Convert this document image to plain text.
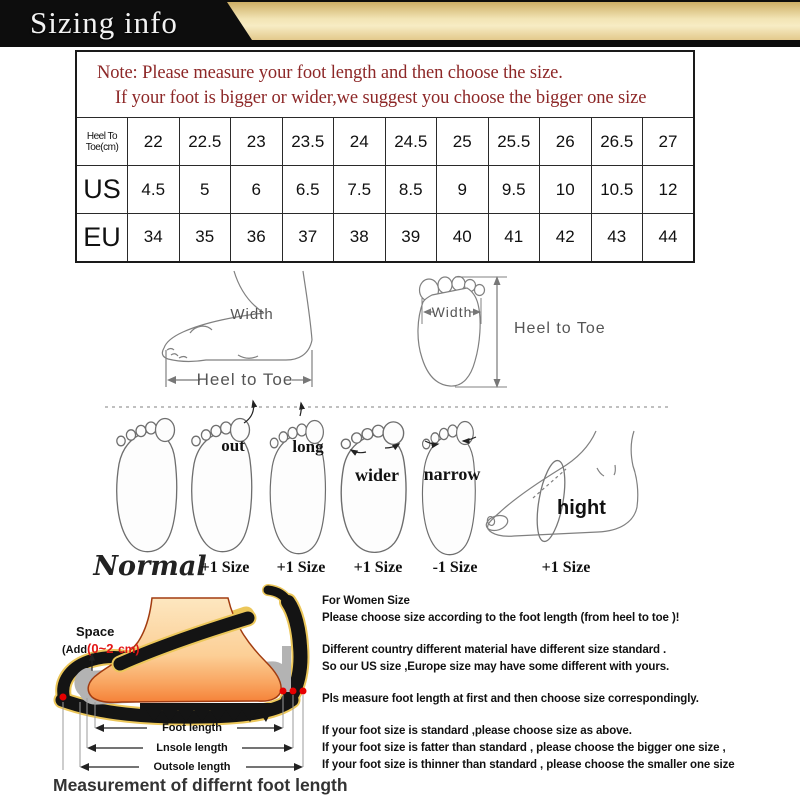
Sizing info
Note: Please measure your foot length and then choose the size.
If your foot is bigger or wider,we suggest you choose the bigger one size											

Heel To Toe(cm)	22	22.5	23	23.5	24	24.5	25	25.5	26	26.5	27
US	4.5	5	6	6.5	7.5	8.5	9	9.5	10	10.5	12
EU	34	35	36	37	38	39	40	41	42	43	44
Width
Heel to Toe
Width
Heel to Toe
out	long
wider narrow
hight
Normal
+1 Size +1 Size +1 Size -1 Size	+1 Size
Space
(Add(0~2  cm)
Foot length
Lnsole length
Outsole length
Measurement of differnt foot length
For Women Size
Please choose size according to the foot length (from heel to toe )!
Different country different material have different size standard .
So our US size ,Europe size may have some different with yours.
Pls measure foot length at first and then choose size correspondingly.
If your foot size is standard ,please choose size as above.
If your foot size is fatter than standard , please choose the bigger one size ,
If your foot size is thinner than standard , please choose the smaller one size
